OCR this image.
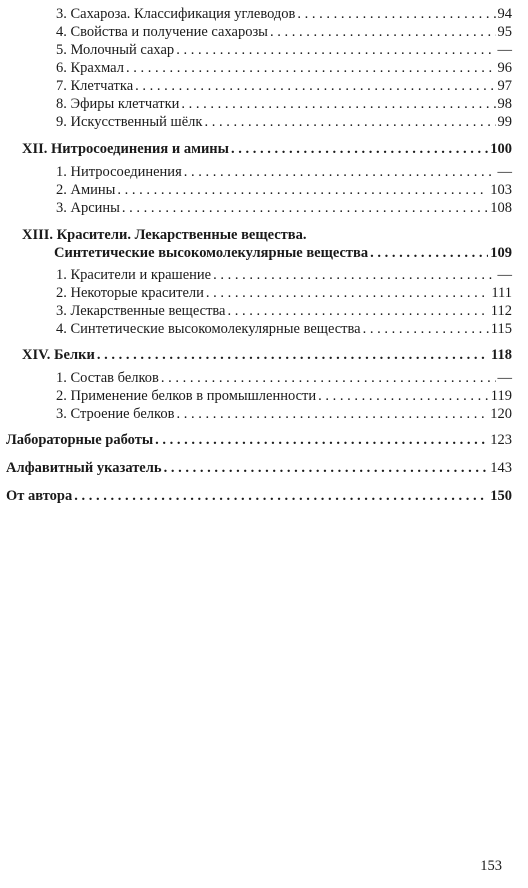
3. Сахароза. Классификация углеводов . . .	94
4. Свойства и получение сахарозы . . .	95
5. Молочный сахар . . .	—
6. Крахмал . . .	96
7. Клетчатка . . .	97
8. Эфиры клетчатки . . .	98
9. Искусственный шёлк . . .	99
XII. Нитросоединения и амины . . .	100
1. Нитросоединения . . .	—
2. Амины . . .	103
3. Арсины . . .	108
XIII. Красители. Лекарственные вещества.
Синтетические высокомолекулярные вещества . . .	109
1. Красители и крашение . . .	—
2. Некоторые красители . . .	111
3. Лекарственные вещества . . .	112
4. Синтетические высокомолекулярные вещества . . .	115
XIV. Белки . . .	118
1. Состав белков . . .	—
2. Применение белков в промышленности . . .	119
3. Строение белков . . .	120
Лабораторные работы . . .	123
Алфавитный указатель . . .	143
От автора . . .	150
153
